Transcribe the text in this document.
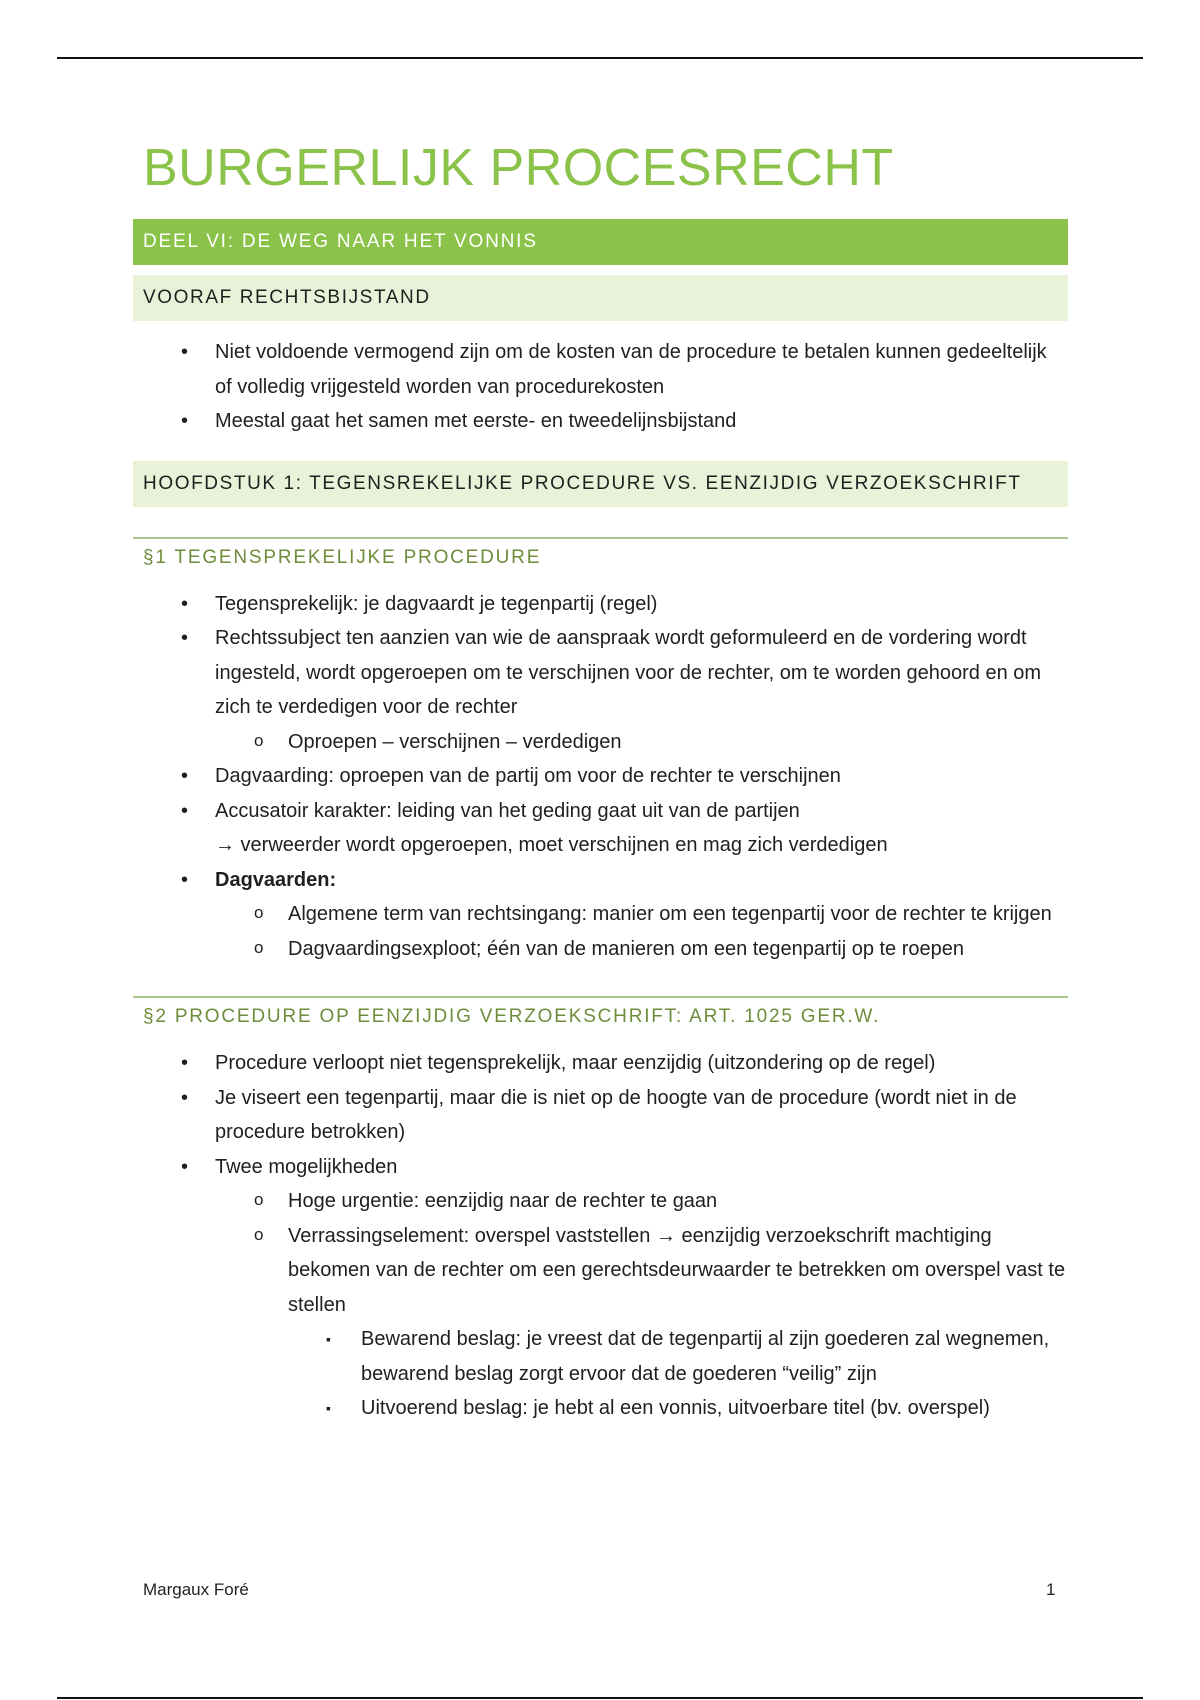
BURGERLIJK PROCESRECHT
DEEL VI: DE WEG NAAR HET VONNIS
VOORAF RECHTSBIJSTAND
• Niet voldoende vermogend zijn om de kosten van de procedure te betalen kunnen gedeeltelijk of volledig vrijgesteld worden van procedurekosten
• Meestal gaat het samen met eerste- en tweedelijnsbijstand
HOOFDSTUK 1: TEGENSREKELIJKE PROCEDURE VS. EENZIJDIG VERZOEKSCHRIFT
§1 TEGENSPREKELIJKE PROCEDURE
• Tegensprekelijk: je dagvaardt je tegenpartij (regel)
• Rechtssubject ten aanzien van wie de aanspraak wordt geformuleerd en de vordering wordt ingesteld, wordt opgeroepen om te verschijnen voor de rechter, om te worden gehoord en om zich te verdedigen voor de rechter
o Oproepen – verschijnen – verdedigen
• Dagvaarding: oproepen van de partij om voor de rechter te verschijnen
• Accusatoir karakter: leiding van het geding gaat uit van de partijen
→ verweerder wordt opgeroepen, moet verschijnen en mag zich verdedigen
• Dagvaarden:
o Algemene term van rechtsingang: manier om een tegenpartij voor de rechter te krijgen
o Dagvaardingsexploot; één van de manieren om een tegenpartij op te roepen
§2 PROCEDURE OP EENZIJDIG VERZOEKSCHRIFT: ART. 1025 GER.W.
• Procedure verloopt niet tegensprekelijk, maar eenzijdig (uitzondering op de regel)
• Je viseert een tegenpartij, maar die is niet op de hoogte van de procedure (wordt niet in de procedure betrokken)
• Twee mogelijkheden
o Hoge urgentie: eenzijdig naar de rechter te gaan
o Verrassingselement: overspel vaststellen → eenzijdig verzoekschrift machtiging bekomen van de rechter om een gerechtsdeurwaarder te betrekken om overspel vast te stellen
▪ Bewarend beslag: je vreest dat de tegenpartij al zijn goederen zal wegnemen, bewarend beslag zorgt ervoor dat de goederen “veilig” zijn
▪ Uitvoerend beslag: je hebt al een vonnis, uitvoerbare titel (bv. overspel)
Margaux Foré	1
